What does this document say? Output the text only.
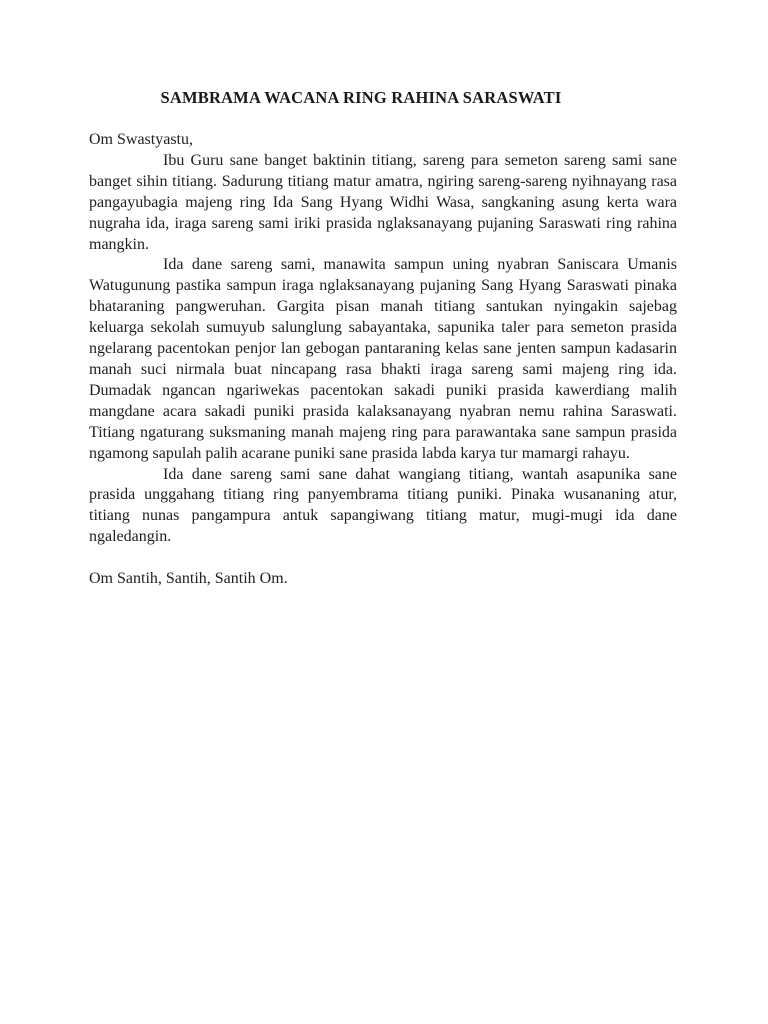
SAMBRAMA WACANA RING RAHINA SARASWATI

Om Swastyastu,

Ibu Guru sane banget baktinin titiang, sareng para semeton sareng sami sane banget sihin titiang. Sadurung titiang matur amatra, ngiring sareng-sareng nyihnayang rasa pangayubagia majeng ring Ida Sang Hyang Widhi Wasa, sangkaning asung kerta wara nugraha ida, iraga sareng sami iriki prasida nglaksanayang pujaning Saraswati ring rahina mangkin.

Ida dane sareng sami, manawita sampun uning nyabran Saniscara Umanis Watugunung pastika sampun iraga nglaksanayang pujaning Sang Hyang Saraswati pinaka bhataraning pangweruhan. Gargita pisan manah titiang santukan nyingakin sajebag keluarga sekolah sumuyub salunglung sabayantaka, sapunika taler para semeton prasida ngelarang pacentokan penjor lan gebogan pantaraning kelas sane jenten sampun kadasarin manah suci nirmala buat nincapang rasa bhakti iraga sareng sami majeng ring ida. Dumadak ngancan ngariwekas pacentokan sakadi puniki prasida kawerdiang malih mangdane acara sakadi puniki prasida kalaksanayang nyabran nemu rahina Saraswati. Titiang ngaturang suksmaning manah majeng ring para parawantaka sane sampun prasida ngamong sapulah palih acarane puniki sane prasida labda karya tur mamargi rahayu.

Ida dane sareng sami sane dahat wangiang titiang, wantah asapunika sane prasida unggahang titiang ring panyembrama titiang puniki. Pinaka wusananing atur, titiang nunas pangampura antuk sapangiwang titiang matur, mugi-mugi ida dane ngaledangin.

Om Santih, Santih, Santih Om.
